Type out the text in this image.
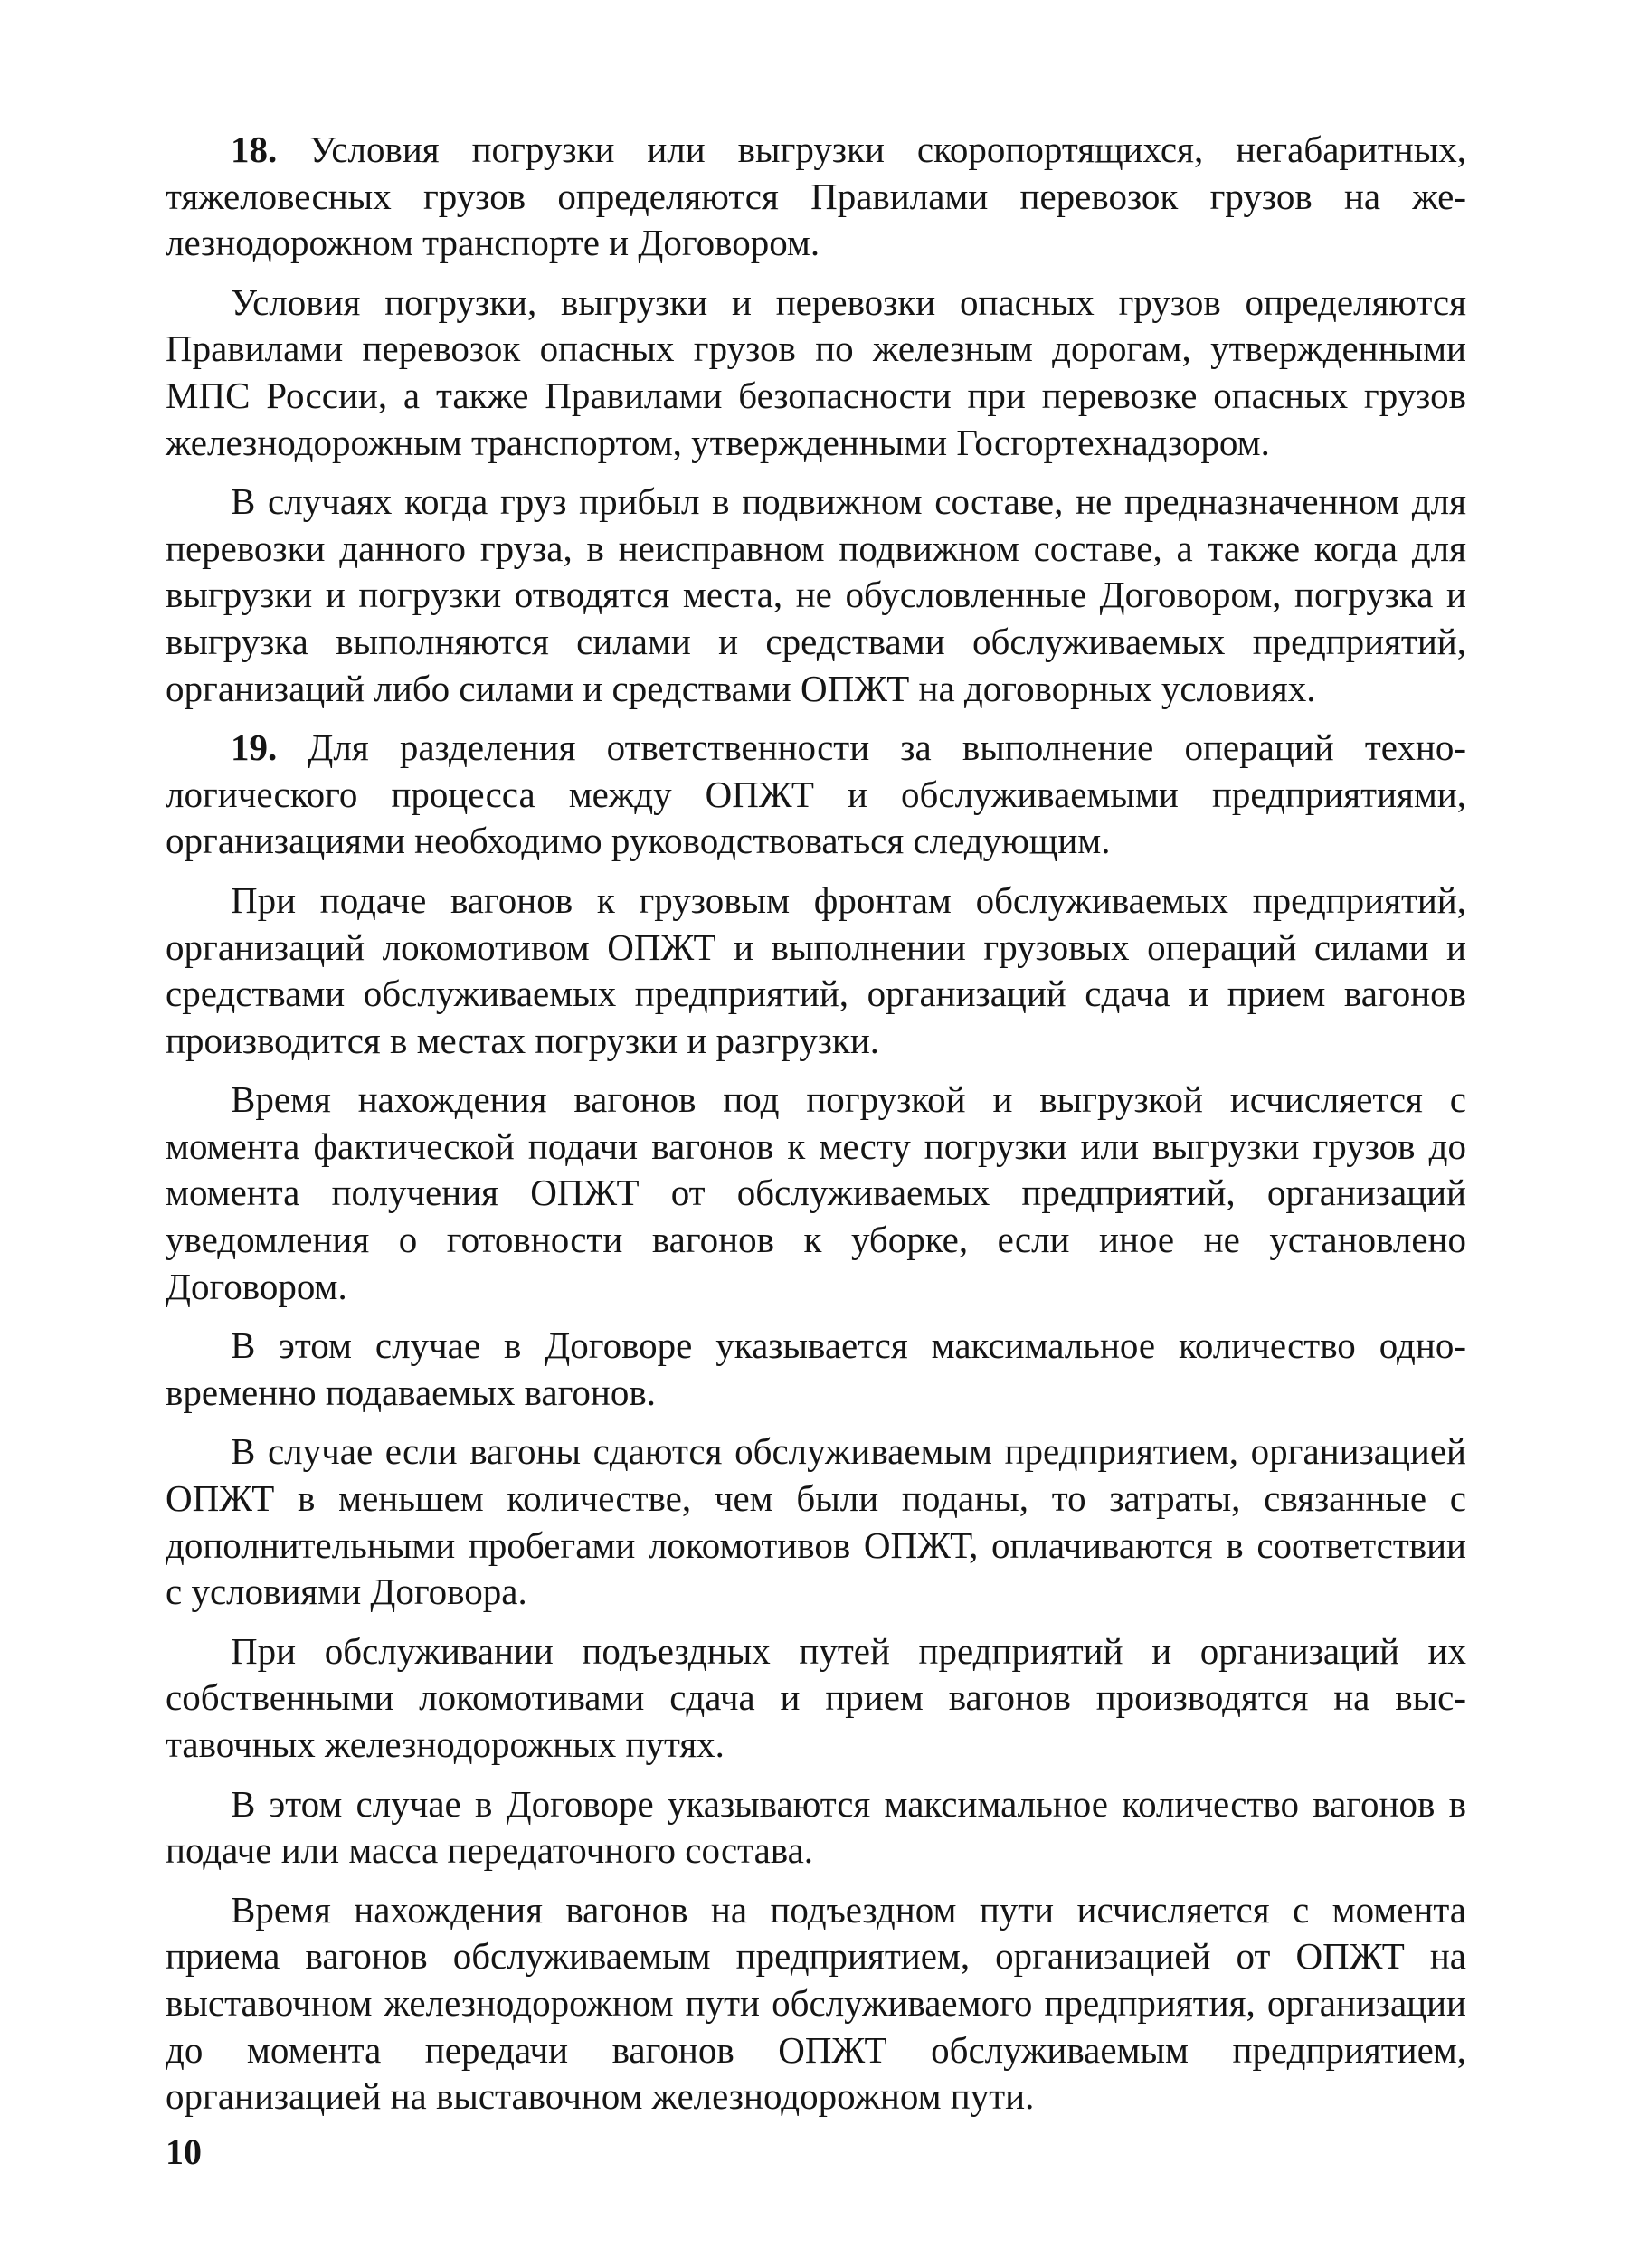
18. Условия погрузки или выгрузки скоропортящихся, негабаритных, тяжеловесных грузов определяются Правилами перевозок грузов на железнодорожном транспорте и Договором.

Условия погрузки, выгрузки и перевозки опасных грузов определяются Правилами перевозок опасных грузов по железным дорогам, утвержденными МПС России, а также Правилами безопасности при перевозке опасных грузов железнодорожным транспортом, утвержденными Госгортехнадзором.

В случаях когда груз прибыл в подвижном составе, не предназначенном для перевозки данного груза, в неисправном подвижном составе, а также когда для выгрузки и погрузки отводятся места, не обусловленные Договором, погрузка и выгрузка выполняются силами и средствами обслуживаемых предприятий, организаций либо силами и средствами ОПЖТ на договорных условиях.

19. Для разделения ответственности за выполнение операций технологического процесса между ОПЖТ и обслуживаемыми предприятиями, организациями необходимо руководствоваться следующим.

При подаче вагонов к грузовым фронтам обслуживаемых предприятий, организаций локомотивом ОПЖТ и выполнении грузовых операций силами и средствами обслуживаемых предприятий, организаций сдача и прием вагонов производится в местах погрузки и разгрузки.

Время нахождения вагонов под погрузкой и выгрузкой исчисляется с момента фактической подачи вагонов к месту погрузки или выгрузки грузов до момента получения ОПЖТ от обслуживаемых предприятий, организаций уведомления о готовности вагонов к уборке, если иное не установлено Договором.

В этом случае в Договоре указывается максимальное количество одновременно подаваемых вагонов.

В случае если вагоны сдаются обслуживаемым предприятием, организацией ОПЖТ в меньшем количестве, чем были поданы, то затраты, связанные с дополнительными пробегами локомотивов ОПЖТ, оплачиваются в соответствии с условиями Договора.

При обслуживании подъездных путей предприятий и организаций их собственными локомотивами сдача и прием вагонов производятся на выставочных железнодорожных путях.

В этом случае в Договоре указываются максимальное количество вагонов в подаче или масса передаточного состава.

Время нахождения вагонов на подъездном пути исчисляется с момента приема вагонов обслуживаемым предприятием, организацией от ОПЖТ на выставочном железнодорожном пути обслуживаемого предприятия, организации до момента передачи вагонов ОПЖТ обслуживаемым предприятием, организацией на выставочном железнодорожном пути.

10
